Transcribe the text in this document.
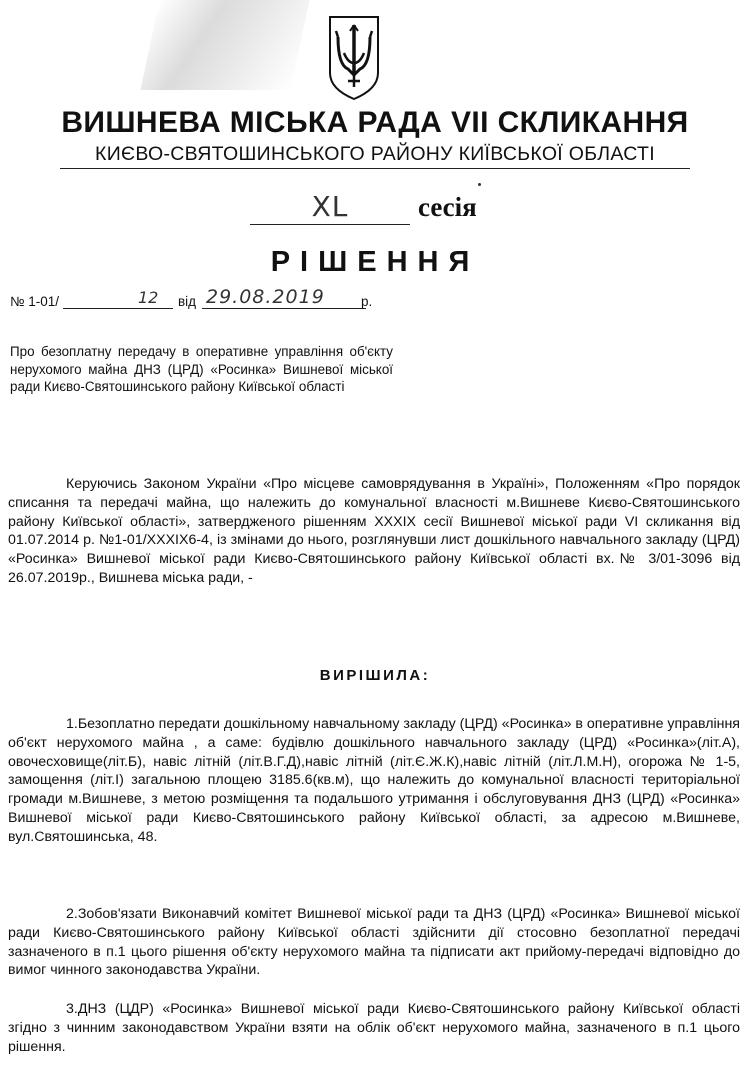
ВИШНЕВА МІСЬКА РАДА VII СКЛИКАННЯ
КИЄВО-СВЯТОШИНСЬКОГО РАЙОНУ КИЇВСЬКОЇ ОБЛАСТІ
XL	сесія
РІШЕННЯ
№ 1-01/	12 від 29.08.2019	р.
Про безоплатну передачу в оперативне управління об'єкту нерухомого майна ДНЗ (ЦРД) «Росинка» Вишневої міської ради Києво-Святошинського району Київської області
Керуючись Законом України «Про місцеве самоврядування в Україні», Положенням «Про порядок списання та передачі майна, що належить до комунальної власності м.Вишневе Києво-Святошинського району Київської області», затвердженого рішенням XXXIX сесії Вишневої міської ради VI скликання від 01.07.2014 р. №1-01/XXXIX6-4, із змінами до нього, розглянувши лист дошкільного навчального закладу (ЦРД) «Росинка» Вишневої міської ради Києво-Святошинського району Київської області вх.№ 3/01-3096 від 26.07.2019р., Вишнева міська ради, -
ВИРІШИЛА:
1.Безоплатно передати дошкільному навчальному закладу (ЦРД) «Росинка» в оперативне управління об'єкт нерухомого майна , а саме: будівлю дошкільного навчального закладу (ЦРД) «Росинка»(літ.А), овочесховище(літ.Б), навіс літній (літ.В.Г.Д),навіс літній (літ.Є.Ж.К),навіс літній (літ.Л.М.Н), огорожа № 1-5, замощення (літ.І) загальною площею 3185.6(кв.м), що належить до комунальної власності територіальної громади м.Вишневе, з метою розміщення та подальшого утримання і обслуговування ДНЗ (ЦРД) «Росинка» Вишневої міської ради Києво-Святошинського району Київської області, за адресою м.Вишневе, вул.Святошинська, 48.
2.Зобов'язати Виконавчий комітет Вишневої міської ради та ДНЗ (ЦРД) «Росинка» Вишневої міської ради Києво-Святошинського району Київської області здійснити дії стосовно безоплатної передачі зазначеного в п.1 цього рішення об'єкту нерухомого майна та підписати акт прийому-передачі відповідно до вимог чинного законодавства України.
3.ДНЗ (ЦДР) «Росинка» Вишневої міської ради Києво-Святошинського району Київської області згідно з чинним законодавством України взяти на облік об'єкт нерухомого майна, зазначеного в п.1 цього рішення.
